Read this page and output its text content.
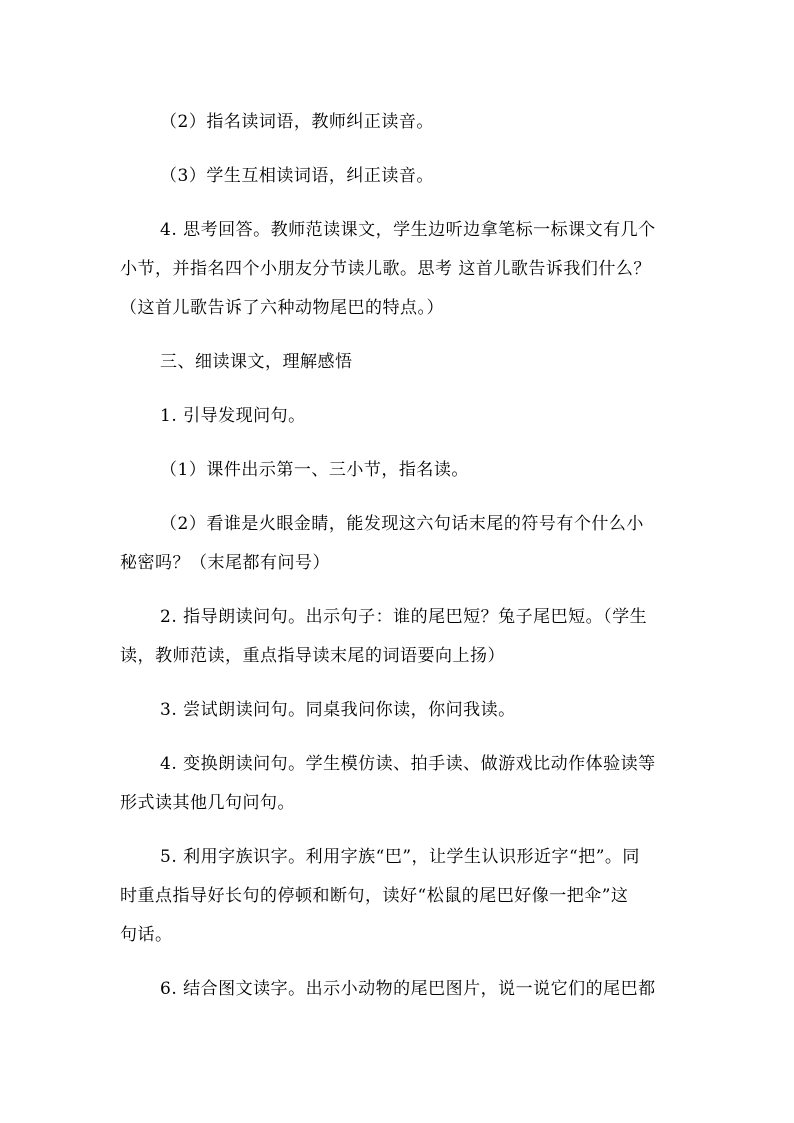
（2）指名读词语，教师纠正读音。
（3）学生互相读词语，纠正读音。
4. 思考回答。教师范读课文，学生边听边拿笔标一标课文有几个
小节，并指名四个小朋友分节读儿歌。思考 这首儿歌告诉我们什么？
（这首儿歌告诉了六种动物尾巴的特点。）
三、细读课文，理解感悟
1. 引导发现问句。
（1）课件出示第一、三小节，指名读。
（2）看谁是火眼金睛，能发现这六句话末尾的符号有个什么小
秘密吗？（末尾都有问号）
2. 指导朗读问句。出示句子：谁的尾巴短？兔子尾巴短。（学生
读，教师范读，重点指导读末尾的词语要向上扬）
3. 尝试朗读问句。同桌我问你读，你问我读。
4. 变换朗读问句。学生模仿读、拍手读、做游戏比动作体验读等
形式读其他几句问句。
5. 利用字族识字。利用字族“巴”，让学生认识形近字“把”。同
时重点指导好长句的停顿和断句，读好“松鼠的尾巴好像一把伞”这
句话。
6. 结合图文读字。出示小动物的尾巴图片，说一说它们的尾巴都
